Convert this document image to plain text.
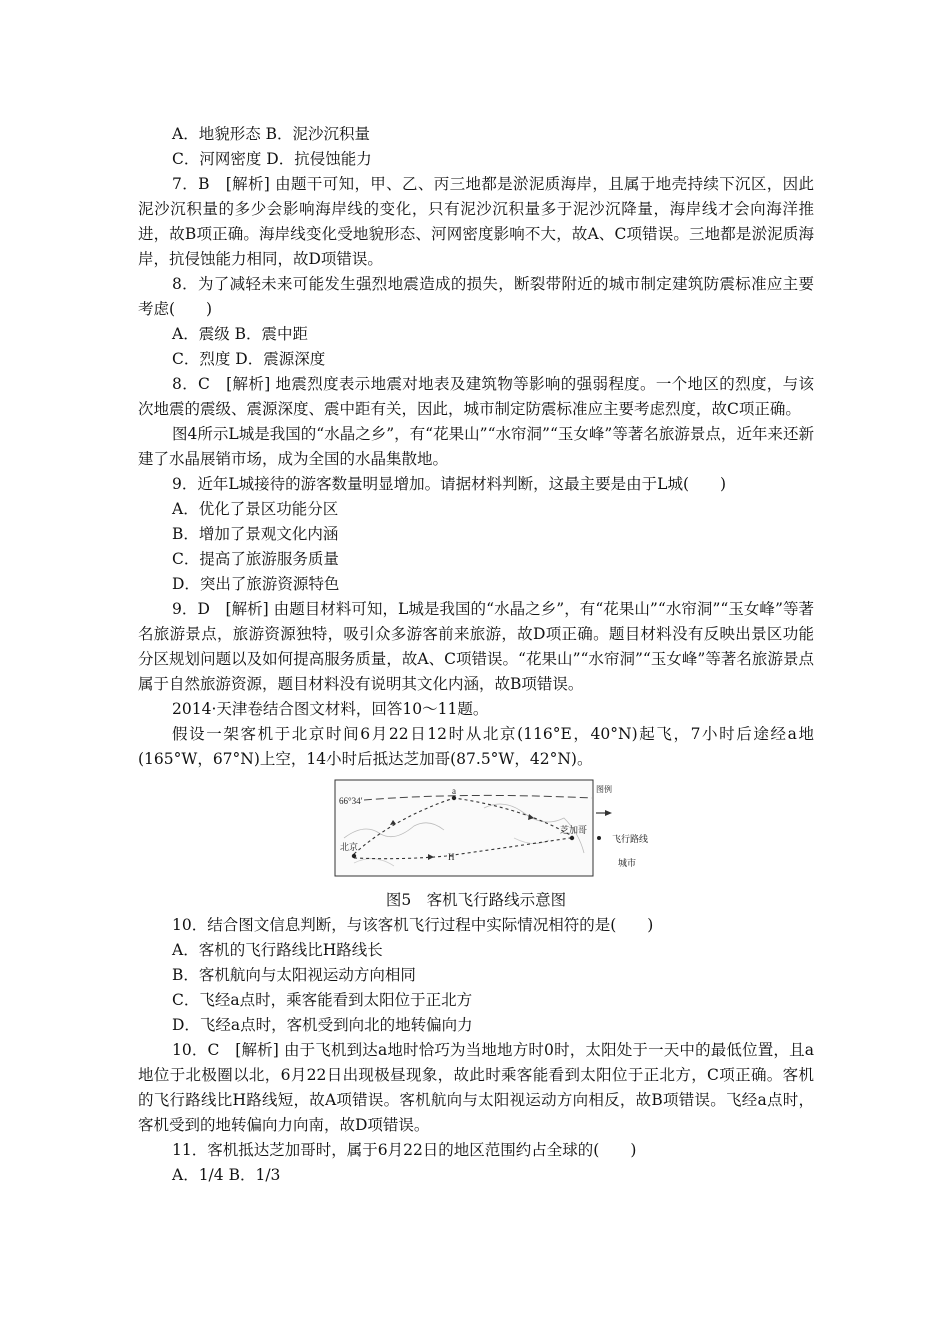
A．地貌形态 B．泥沙沉积量

C．河网密度 D．抗侵蚀能力

7．B　[解析] 由题干可知，甲、乙、丙三地都是淤泥质海岸，且属于地壳持续下沉区，因此泥沙沉积量的多少会影响海岸线的变化，只有泥沙沉积量多于泥沙沉降量，海岸线才会向海洋推进，故B项正确。海岸线变化受地貌形态、河网密度影响不大，故A、C项错误。三地都是淤泥质海岸，抗侵蚀能力相同，故D项错误。

8．为了减轻未来可能发生强烈地震造成的损失，断裂带附近的城市制定建筑防震标准应主要考虑(　　)

A．震级 B．震中距

C．烈度 D．震源深度

8．C　[解析] 地震烈度表示地震对地表及建筑物等影响的强弱程度。一个地区的烈度，与该次地震的震级、震源深度、震中距有关，因此，城市制定防震标准应主要考虑烈度，故C项正确。

图4所示L城是我国的“水晶之乡”，有“花果山”“水帘洞”“玉女峰”等著名旅游景点，近年来还新建了水晶展销市场，成为全国的水晶集散地。

9．近年L城接待的游客数量明显增加。请据材料判断，这最主要是由于L城(　　)

A．优化了景区功能分区

B．增加了景观文化内涵

C．提高了旅游服务质量

D．突出了旅游资源特色

9．D　[解析] 由题目材料可知，L城是我国的“水晶之乡”，有“花果山”“水帘洞”“玉女峰”等著名旅游景点，旅游资源独特，吸引众多游客前来旅游，故D项正确。题目材料没有反映出景区功能分区规划问题以及如何提高服务质量，故A、C项错误。“花果山”“水帘洞”“玉女峰”等著名旅游景点属于自然旅游资源，题目材料没有说明其文化内涵，故B项错误。

2014·天津卷结合图文材料，回答10～11题。

假设一架客机于北京时间6月22日12时从北京(116°E，40°N)起飞，7小时后途经a地(165°W，67°N)上空，14小时后抵达芝加哥(87.5°W，42°N)。

66°34′
H
a
北京
芝加哥
图例

图5　客机飞行路线示意图

10．结合图文信息判断，与该客机飞行过程中实际情况相符的是(　　)

A．客机的飞行路线比H路线长

B．客机航向与太阳视运动方向相同

C．飞经a点时，乘客能看到太阳位于正北方

D．飞经a点时，客机受到向北的地转偏向力

10．C　[解析] 由于飞机到达a地时恰巧为当地地方时0时，太阳处于一天中的最低位置，且a地位于北极圈以北，6月22日出现极昼现象，故此时乘客能看到太阳位于正北方，C项正确。客机的飞行路线比H路线短，故A项错误。客机航向与太阳视运动方向相反，故B项错误。飞经a点时，客机受到的地转偏向力向南，故D项错误。

11．客机抵达芝加哥时，属于6月22日的地区范围约占全球的(　　)

A．1/4 B．1/3

飞行路线
城市
